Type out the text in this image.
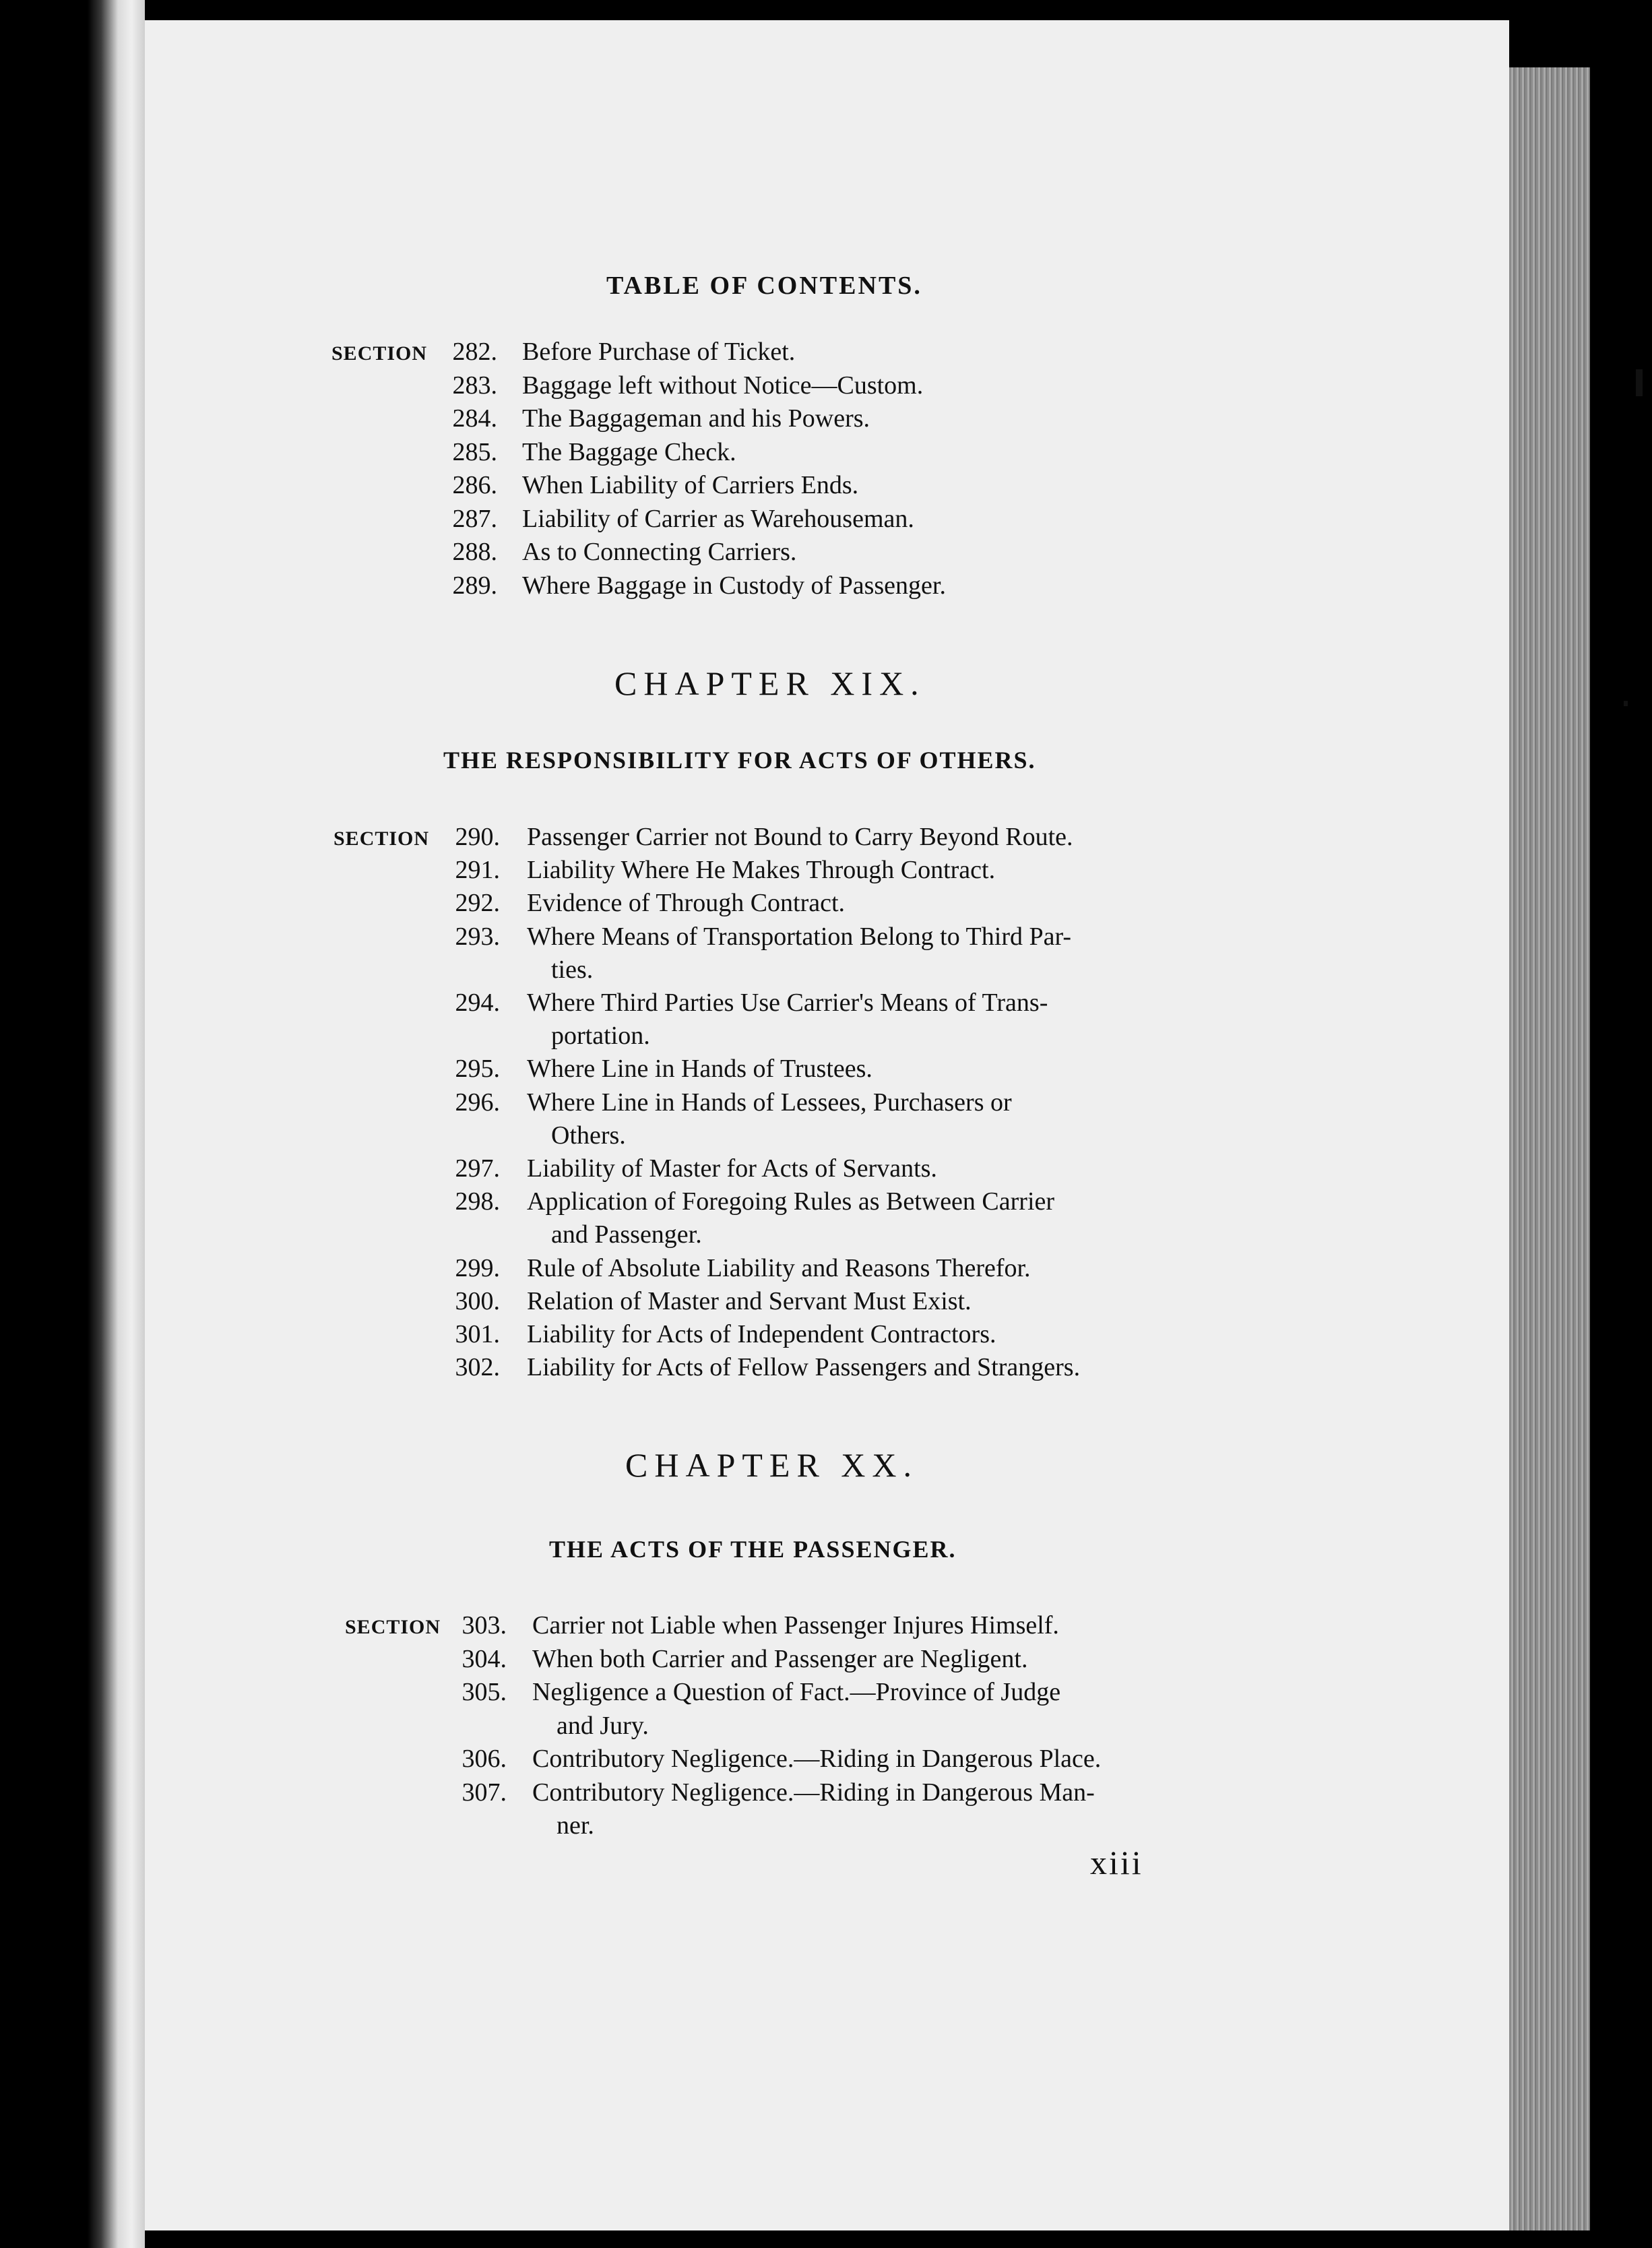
TABLE OF CONTENTS.
CHAPTER XIX.
THE RESPONSIBILITY FOR ACTS OF OTHERS.
CHAPTER XX.
THE ACTS OF THE PASSENGER.
SECTION 282. Before Purchase of Ticket.
283. Baggage left without Notice—Custom.
284. The Baggageman and his Powers.
285. The Baggage Check.
286. When Liability of Carriers Ends.
287. Liability of Carrier as Warehouseman.
288. As to Connecting Carriers.
289. Where Baggage in Custody of Passenger.
SECTION	290. Passenger Carrier not Bound to Carry Beyond Route.
291. Liability Where He Makes Through Contract.
292. Evidence of Through Contract.
293. Where Means of Transportation Belong to Third Par-
ties.
294. Where Third Parties Use Carrier's Means of Trans-
portation.
295. Where Line in Hands of Trustees.
296. Where Line in Hands of Lessees, Purchasers or
Others.
297. Liability of Master for Acts of Servants.
298. Application of Foregoing Rules as Between Carrier
and Passenger.
299. Rule of Absolute Liability and Reasons Therefor.
300. Relation of Master and Servant Must Exist.
301. Liability for Acts of Independent Contractors.
302. Liability for Acts of Fellow Passengers and Strangers.
SECTION 303. Carrier not Liable when Passenger Injures Himself.
304. When both Carrier and Passenger are Negligent.
305. Negligence a Question of Fact.—Province of Judge
and Jury.
306. Contributory Negligence.—Riding in Dangerous Place.
307. Contributory Negligence.—Riding in Dangerous Man-
ner.
xiii
